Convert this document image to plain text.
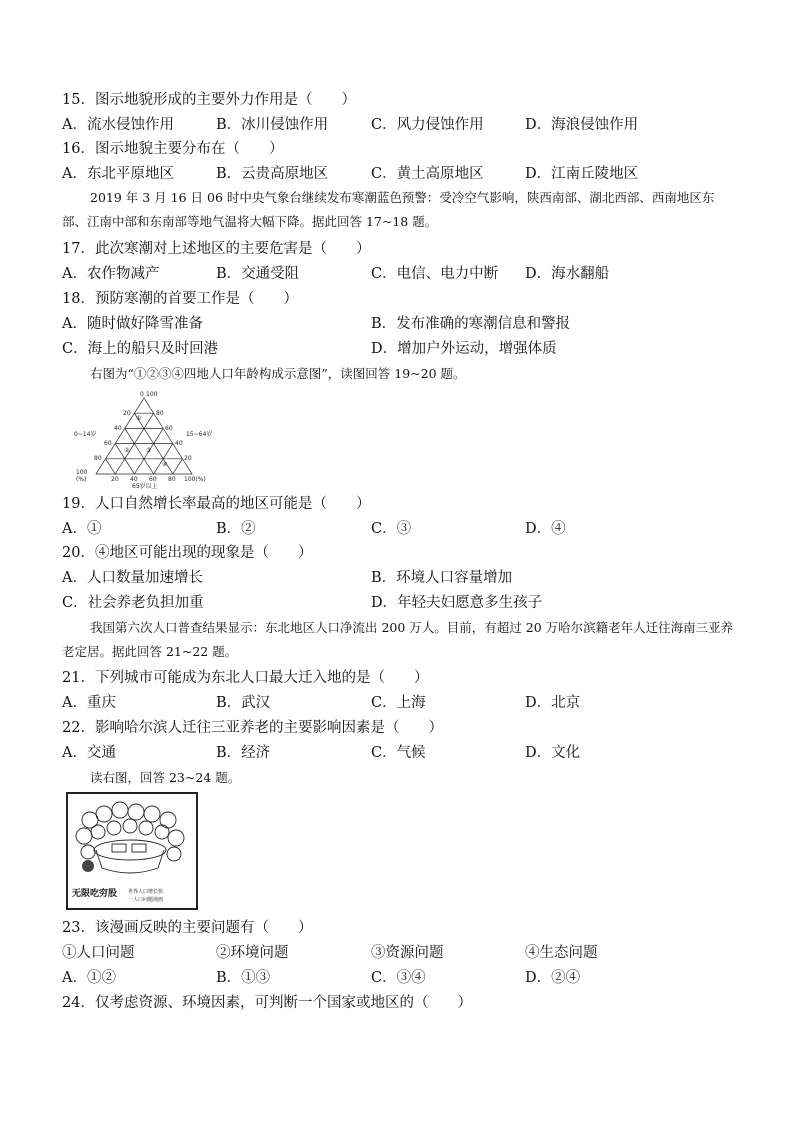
15．图示地貌形成的主要外力作用是（　　）
A．流水侵蚀作用	B．冰川侵蚀作用	C．风力侵蚀作用	D．海浪侵蚀作用
16．图示地貌主要分布在（　　）
A．东北平原地区	B．云贵高原地区	C．黄土高原地区	D．江南丘陵地区
2019 年 3 月 16 日 06 时中央气象台继续发布寒潮蓝色预警：受冷空气影响，陕西南部、湖北西部、西南地区东部、江南中部和东南部等地气温将大幅下降。据此回答 17~18 题。
17．此次寒潮对上述地区的主要危害是（　　）
A．农作物减产	B．交通受阻	C．电信、电力中断 D．海水翻船
18．预防寒潮的首要工作是（　　）
A．随时做好降雪准备	B．发布准确的寒潮信息和警报
C．海上的船只及时回港	D．增加户外运动，增强体质
右图为“①②③④四地人口年龄构成示意图”，读图回答 19~20 题。
0 100
20
40
60
80
100
(%)
80
60
40
20
20 40 60 80 100(%)
0~14岁	15~64岁
65岁以上
①
②	③
④
19．人口自然增长率最高的地区可能是（　　）
A．①	B．②	C．③	D．④
20．④地区可能出现的现象是（　　）
A．人口数量加速增长	B．环境人口容量增加
C．社会养老负担加重	D．年轻夫妇愿意多生孩子
我国第六次人口普查结果显示：东北地区人口净流出 200 万人。目前，有超过 20 万哈尔滨籍老年人迁往海南三亚养老定居。据此回答 21~22 题。
21．下列城市可能成为东北人口最大迁入地的是（　　）
A．重庆	B．武汉	C．上海	D．北京
22．影响哈尔滨人迁往三亚养老的主要影响因素是（　　）
A．交通	B．经济	C．气候	D．文化
读右图，回答 23~24 题。
无限吃穷股 世界人口增长快
一人口问题漫画
23．该漫画反映的主要问题有（　　）
①人口问题	②环境问题	③资源问题	④生态问题
A．①②	B．①③	C．③④	D．②④
24．仅考虑资源、环境因素，可判断一个国家或地区的（　　）
